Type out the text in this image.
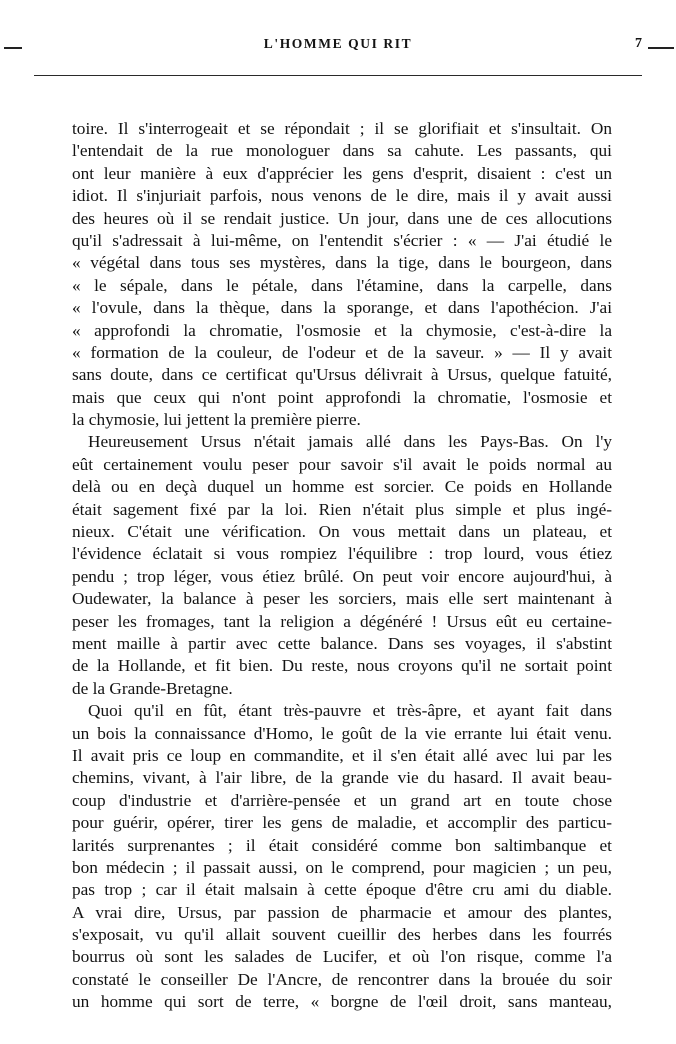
L'HOMME QUI RIT	7
toire. Il s'interrogeait et se répondait ; il se glorifiait et s'insultait. On
l'entendait de la rue monologuer dans sa cahute. Les passants, qui
ont leur manière à eux d'apprécier les gens d'esprit, disaient : c'est un
idiot. Il s'injuriait parfois, nous venons de le dire, mais il y avait aussi
des heures où il se rendait justice. Un jour, dans une de ces allocutions
qu'il s'adressait à lui-même, on l'entendit s'écrier : « — J'ai étudié le
« végétal dans tous ses mystères, dans la tige, dans le bourgeon, dans
« le sépale, dans le pétale, dans l'étamine, dans la carpelle, dans
« l'ovule, dans la thèque, dans la sporange, et dans l'apothécion. J'ai
« approfondi la chromatie, l'osmosie et la chymosie, c'est-à-dire la
« formation de la couleur, de l'odeur et de la saveur. » — Il y avait
sans doute, dans ce certificat qu'Ursus délivrait à Ursus, quelque fatuité,
mais que ceux qui n'ont point approfondi la chromatie, l'osmosie et
la chymosie, lui jettent la première pierre.
Heureusement Ursus n'était jamais allé dans les Pays-Bas. On l'y
eût certainement voulu peser pour savoir s'il avait le poids normal au
delà ou en deçà duquel un homme est sorcier. Ce poids en Hollande
était sagement fixé par la loi. Rien n'était plus simple et plus ingé-
nieux. C'était une vérification. On vous mettait dans un plateau, et
l'évidence éclatait si vous rompiez l'équilibre : trop lourd, vous étiez
pendu ; trop léger, vous étiez brûlé. On peut voir encore aujourd'hui, à
Oudewater, la balance à peser les sorciers, mais elle sert maintenant à
peser les fromages, tant la religion a dégénéré ! Ursus eût eu certaine-
ment maille à partir avec cette balance. Dans ses voyages, il s'abstint
de la Hollande, et fit bien. Du reste, nous croyons qu'il ne sortait point
de la Grande-Bretagne.
Quoi qu'il en fût, étant très-pauvre et très-âpre, et ayant fait dans
un bois la connaissance d'Homo, le goût de la vie errante lui était venu.
Il avait pris ce loup en commandite, et il s'en était allé avec lui par les
chemins, vivant, à l'air libre, de la grande vie du hasard. Il avait beau-
coup d'industrie et d'arrière-pensée et un grand art en toute chose
pour guérir, opérer, tirer les gens de maladie, et accomplir des particu-
larités surprenantes ; il était considéré comme bon saltimbanque et
bon médecin ; il passait aussi, on le comprend, pour magicien ; un peu,
pas trop ; car il était malsain à cette époque d'être cru ami du diable.
A vrai dire, Ursus, par passion de pharmacie et amour des plantes,
s'exposait, vu qu'il allait souvent cueillir des herbes dans les fourrés
bourrus où sont les salades de Lucifer, et où l'on risque, comme l'a
constaté le conseiller De l'Ancre, de rencontrer dans la brouée du soir
un homme qui sort de terre, « borgne de l'œil droit, sans manteau,
